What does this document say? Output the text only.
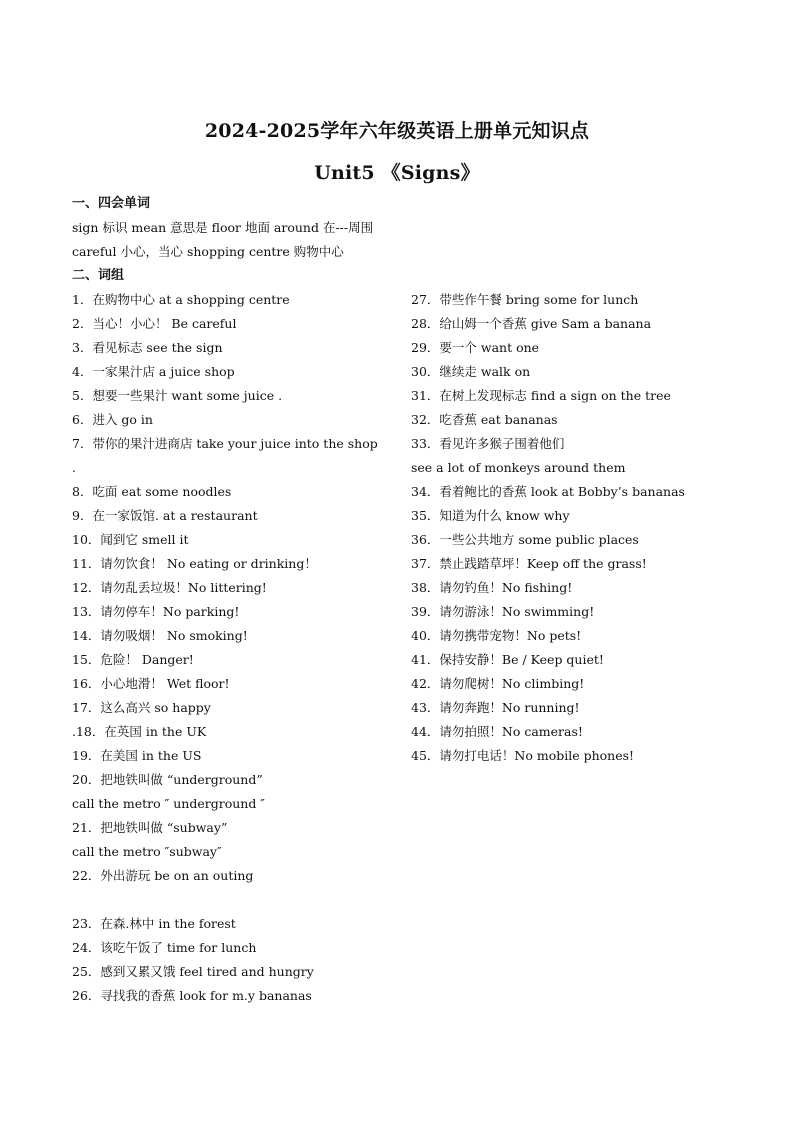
2024-2025学年六年级英语上册单元知识点
Unit5 《Signs》
一、四会单词
sign 标识 mean 意思是 floor 地面 around 在---周围
careful 小心，当心 shopping centre 购物中心
二、词组
1．在购物中心 at a shopping centre
2．当心！小心！ Be careful
3．看见标志 see the sign
4．一家果汁店 a juice shop
5．想要一些果汁 want some juice .
6．进入 go in
7．带你的果汁进商店 take your juice into the shop
.
8．吃面 eat some noodles
9．在一家饭馆. at a restaurant
10．闻到它 smell it
11．请勿饮食！ No eating or drinking！
12．请勿乱丢垃圾！No littering!
13．请勿停车！No parking!
14．请勿吸烟！ No smoking!
15．危险！ Danger!
16．小心地滑！ Wet floor!
17．这么高兴 so happy
.18．在英国 in the UK
19．在美国 in the US
20．把地铁叫做 “underground”
call the metro ″ underground ″
21．把地铁叫做 “subway”
call the metro ″subway″
22．外出游玩 be on an outing
23．在森.林中 in the forest
24．该吃午饭了 time for lunch
25．感到又累又饿 feel tired and hungry
26．寻找我的香蕉 look for m.y bananas
27．带些作午餐 bring some for lunch
28．给山姆一个香蕉 give Sam a banana
29．要一个 want one
30．继续走 walk on
31．在树上发现标志 find a sign on the tree
32．吃香蕉 eat bananas
33．看见许多猴子围着他们
see a lot of monkeys around them
34．看着鲍比的香蕉 look at Bobby’s bananas
35．知道为什么 know why
36．一些公共地方 some public places
37．禁止践踏草坪！Keep off the grass!
38．请勿钓鱼！No fishing!
39．请勿游泳！No swimming!
40．请勿携带宠物！No pets!
41．保持安静！Be / Keep quiet!
42．请勿爬树！No climbing!
43．请勿奔跑！No running!
44．请勿拍照！No cameras!
45．请勿打电话！No mobile phones!
